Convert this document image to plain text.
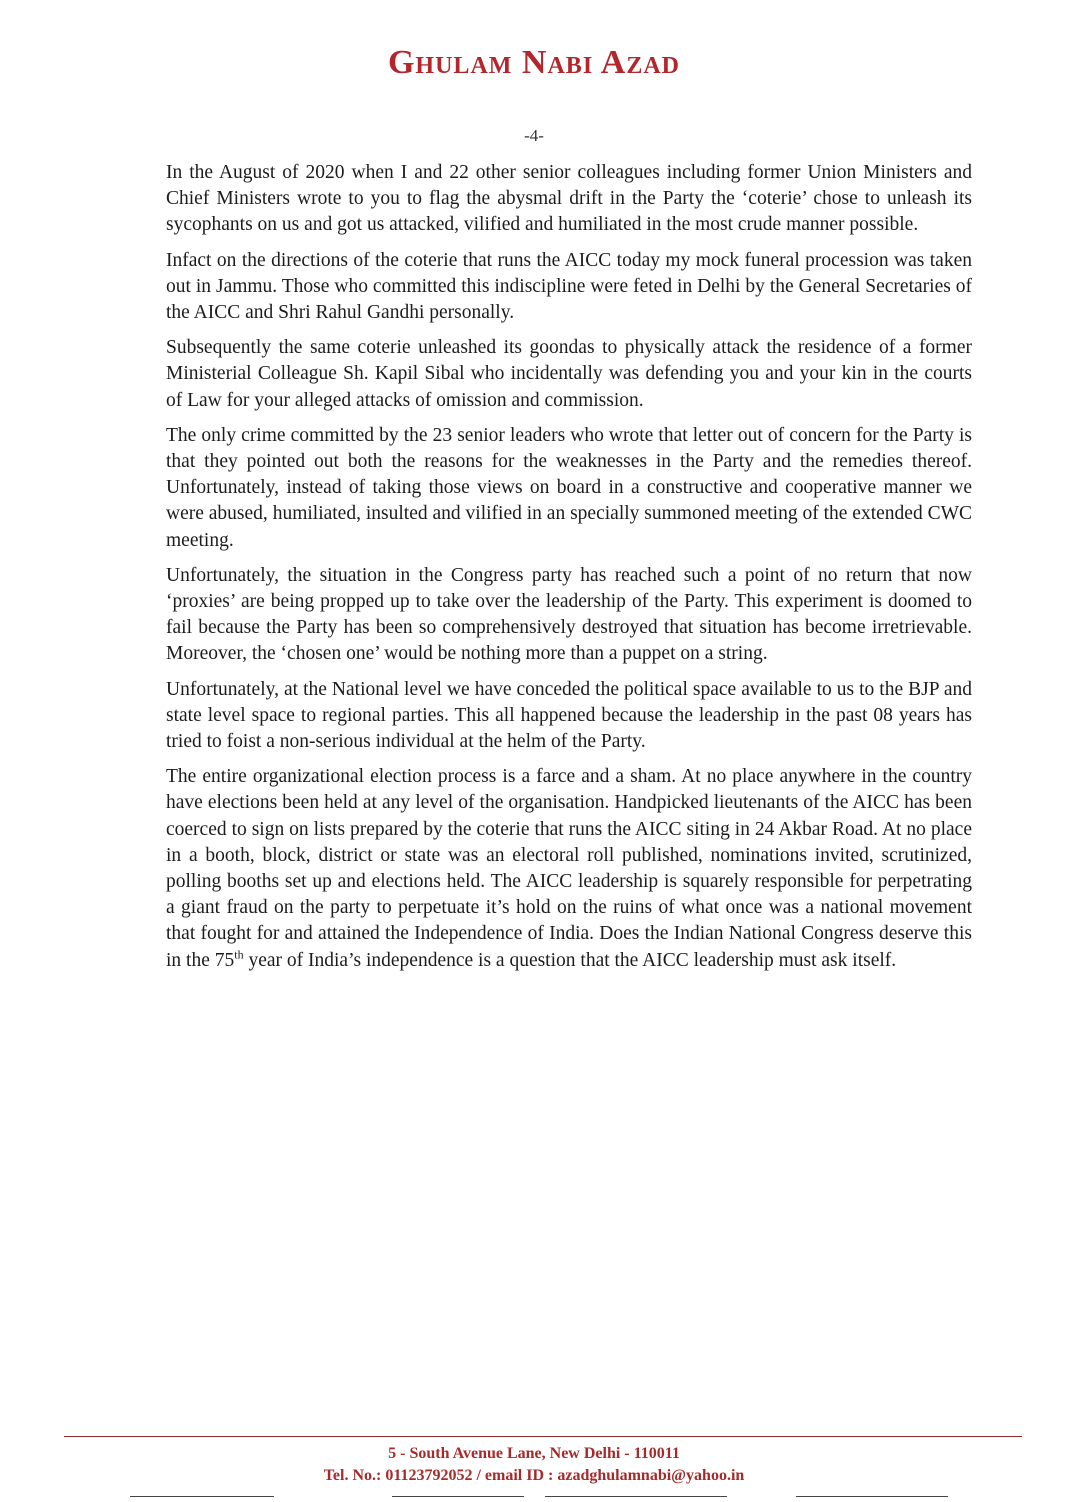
Ghulam Nabi Azad
-4-

In the August of 2020 when I and 22 other senior colleagues including former Union Ministers and Chief Ministers wrote to you to flag the abysmal drift in the Party the ‘coterie’ chose to unleash its sycophants on us and got us attacked, vilified and humiliated in the most crude manner possible.

Infact on the directions of the coterie that runs the AICC today my mock funeral procession was taken out in Jammu. Those who committed this indiscipline were feted in Delhi by the General Secretaries of the AICC and Shri Rahul Gandhi personally.

Subsequently the same coterie unleashed its goondas to physically attack the residence of a former Ministerial Colleague Sh. Kapil Sibal who incidentally was defending you and your kin in the courts of Law for your alleged attacks of omission and commission.

The only crime committed by the 23 senior leaders who wrote that letter out of concern for the Party is that they pointed out both the reasons for the weaknesses in the Party and the remedies thereof. Unfortunately, instead of taking those views on board in a constructive and cooperative manner we were abused, humiliated, insulted and vilified in an specially summoned meeting of the extended CWC meeting.

Unfortunately, the situation in the Congress party has reached such a point of no return that now ‘proxies’ are being propped up to take over the leadership of the Party. This experiment is doomed to fail because the Party has been so comprehensively destroyed that situation has become irretrievable. Moreover, the ‘chosen one’ would be nothing more than a puppet on a string.

Unfortunately, at the National level we have conceded the political space available to us to the BJP and state level space to regional parties. This all happened because the leadership in the past 08 years has tried to foist a non-serious individual at the helm of the Party.

The entire organizational election process is a farce and a sham. At no place anywhere in the country have elections been held at any level of the organisation. Handpicked lieutenants of the AICC has been coerced to sign on lists prepared by the coterie that runs the AICC siting in 24 Akbar Road. At no place in a booth, block, district or state was an electoral roll published, nominations invited, scrutinized, polling booths set up and elections held. The AICC leadership is squarely responsible for perpetrating a giant fraud on the party to perpetuate it’s hold on the ruins of what once was a national movement that fought for and attained the Independence of India. Does the Indian National Congress deserve this in the 75th year of India’s independence is a question that the AICC leadership must ask itself.

5 - South Avenue Lane, New Delhi - 110011
Tel. No.: 01123792052 / email ID : azadghulamnabi@yahoo.in
